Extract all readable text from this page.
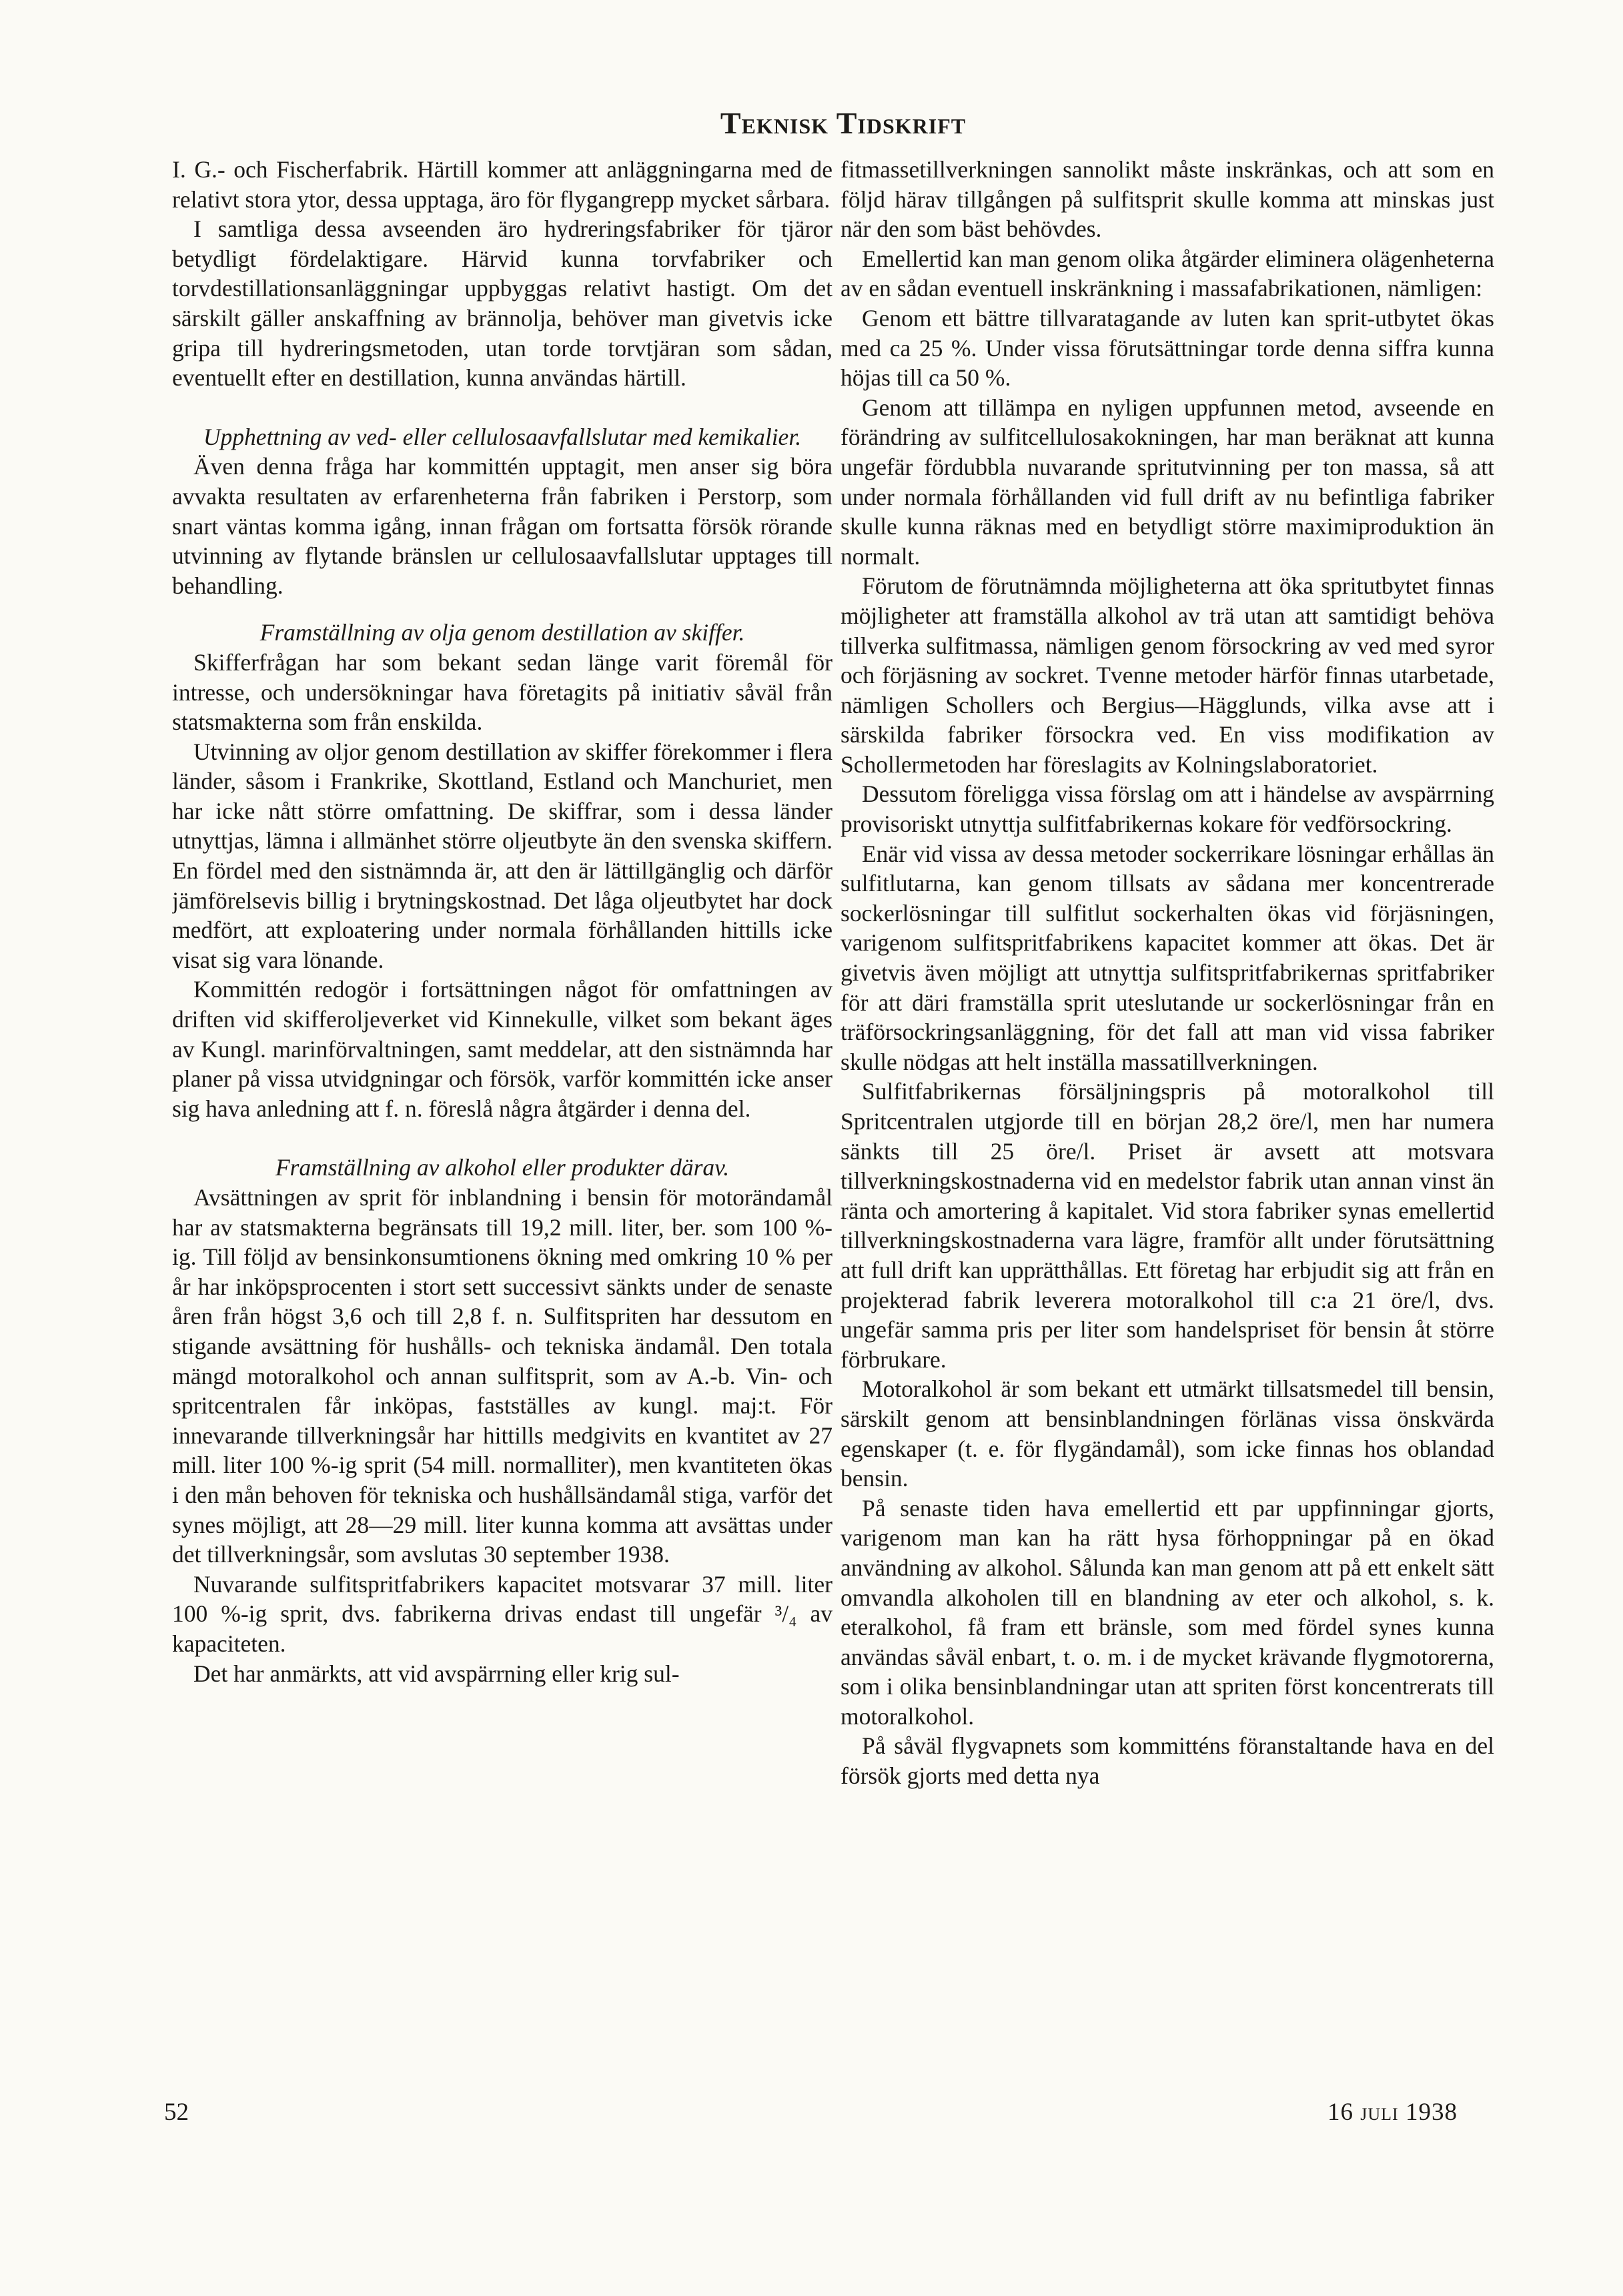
Teknisk Tidskrift

I. G.- och Fischerfabrik. Härtill kommer att anläggningarna med de relativt stora ytor, dessa upptaga, äro för flygangrepp mycket sårbara.

I samtliga dessa avseenden äro hydreringsfabriker för tjäror betydligt fördelaktigare. Härvid kunna torvfabriker och torvdestillationsanläggningar uppbyggas relativt hastigt. Om det särskilt gäller anskaffning av brännolja, behöver man givetvis icke gripa till hydreringsmetoden, utan torde torvtjäran som sådan, eventuellt efter en destillation, kunna användas härtill.

Upphettning av ved- eller cellulosaavfallslutar med kemikalier.

Även denna fråga har kommittén upptagit, men anser sig böra avvakta resultaten av erfarenheterna från fabriken i Perstorp, som snart väntas komma igång, innan frågan om fortsatta försök rörande utvinning av flytande bränslen ur cellulosaavfallslutar upptages till behandling.

Framställning av olja genom destillation av skiffer.

Skifferfrågan har som bekant sedan länge varit föremål för intresse, och undersökningar hava företagits på initiativ såväl från statsmakterna som från enskilda.

Utvinning av oljor genom destillation av skiffer förekommer i flera länder, såsom i Frankrike, Skottland, Estland och Manchuriet, men har icke nått större omfattning. De skiffrar, som i dessa länder utnyttjas, lämna i allmänhet större oljeutbyte än den svenska skiffern. En fördel med den sistnämnda är, att den är lättillgänglig och därför jämförelsevis billig i brytningskostnad. Det låga oljeutbytet har dock medfört, att exploatering under normala förhållanden hittills icke visat sig vara lönande.

Kommittén redogör i fortsättningen något för omfattningen av driften vid skifferoljeverket vid Kinnekulle, vilket som bekant äges av Kungl. marinförvaltningen, samt meddelar, att den sistnämnda har planer på vissa utvidgningar och försök, varför kommittén icke anser sig hava anledning att f. n. föreslå några åtgärder i denna del.

Framställning av alkohol eller produkter därav.

Avsättningen av sprit för inblandning i bensin för motorändamål har av statsmakterna begränsats till 19,2 mill. liter, ber. som 100 %-ig. Till följd av bensinkonsumtionens ökning med omkring 10 % per år har inköpsprocenten i stort sett successivt sänkts under de senaste åren från högst 3,6 och till 2,8 f. n. Sulfitspriten har dessutom en stigande avsättning för hushålls- och tekniska ändamål. Den totala mängd motoralkohol och annan sulfitsprit, som av A.-b. Vin- och spritcentralen får inköpas, fastställes av kungl. maj:t. För innevarande tillverkningsår har hittills medgivits en kvantitet av 27 mill. liter 100 %-ig sprit (54 mill. normalliter), men kvantiteten ökas i den mån behoven för tekniska och hushållsändamål stiga, varför det synes möjligt, att 28—29 mill. liter kunna komma att avsättas under det tillverkningsår, som avslutas 30 september 1938.

Nuvarande sulfitspritfabrikers kapacitet motsvarar 37 mill. liter 100 %-ig sprit, dvs. fabrikerna drivas endast till ungefär ³/₄ av kapaciteten.

Det har anmärkts, att vid avspärrning eller krig sul-

fitmassetillverkningen sannolikt måste inskränkas, och att som en följd härav tillgången på sulfitsprit skulle komma att minskas just när den som bäst behövdes.

Emellertid kan man genom olika åtgärder eliminera olägenheterna av en sådan eventuell inskränkning i massafabrikationen, nämligen:

Genom ett bättre tillvaratagande av luten kan sprit-utbytet ökas med ca 25 %. Under vissa förutsättningar torde denna siffra kunna höjas till ca 50 %.

Genom att tillämpa en nyligen uppfunnen metod, avseende en förändring av sulfitcellulosakokningen, har man beräknat att kunna ungefär fördubbla nuvarande spritutvinning per ton massa, så att under normala förhållanden vid full drift av nu befintliga fabriker skulle kunna räknas med en betydligt större maximiproduktion än normalt.

Förutom de förutnämnda möjligheterna att öka spritutbytet finnas möjligheter att framställa alkohol av trä utan att samtidigt behöva tillverka sulfitmassa, nämligen genom försockring av ved med syror och förjäsning av sockret. Tvenne metoder härför finnas utarbetade, nämligen Schollers och Bergius—Hägglunds, vilka avse att i särskilda fabriker försockra ved. En viss modifikation av Schollermetoden har föreslagits av Kolningslaboratoriet.

Dessutom föreligga vissa förslag om att i händelse av avspärrning provisoriskt utnyttja sulfitfabrikernas kokare för vedförsockring.

Enär vid vissa av dessa metoder sockerrikare lösningar erhållas än sulfitlutarna, kan genom tillsats av sådana mer koncentrerade sockerlösningar till sulfitlut sockerhalten ökas vid förjäsningen, varigenom sulfitspritfabrikens kapacitet kommer att ökas. Det är givetvis även möjligt att utnyttja sulfitspritfabrikernas spritfabriker för att däri framställa sprit uteslutande ur sockerlösningar från en träförsockringsanläggning, för det fall att man vid vissa fabriker skulle nödgas att helt inställa massatillverkningen.

Sulfitfabrikernas försäljningspris på motoralkohol till Spritcentralen utgjorde till en början 28,2 öre/l, men har numera sänkts till 25 öre/l. Priset är avsett att motsvara tillverkningskostnaderna vid en medelstor fabrik utan annan vinst än ränta och amortering å kapitalet. Vid stora fabriker synas emellertid tillverkningskostnaderna vara lägre, framför allt under förutsättning att full drift kan upprätthållas. Ett företag har erbjudit sig att från en projekterad fabrik leverera motoralkohol till c:a 21 öre/l, dvs. ungefär samma pris per liter som handelspriset för bensin åt större förbrukare.

Motoralkohol är som bekant ett utmärkt tillsatsmedel till bensin, särskilt genom att bensinblandningen förlänas vissa önskvärda egenskaper (t. e. för flygändamål), som icke finnas hos oblandad bensin.

På senaste tiden hava emellertid ett par uppfinningar gjorts, varigenom man kan ha rätt hysa förhoppningar på en ökad användning av alkohol. Sålunda kan man genom att på ett enkelt sätt omvandla alkoholen till en blandning av eter och alkohol, s. k. eteralkohol, få fram ett bränsle, som med fördel synes kunna användas såväl enbart, t. o. m. i de mycket krävande flygmotorerna, som i olika bensinblandningar utan att spriten först koncentrerats till motoralkohol.

På såväl flygvapnets som kommitténs föranstaltande hava en del försök gjorts med detta nya

52	16 juli 1938
